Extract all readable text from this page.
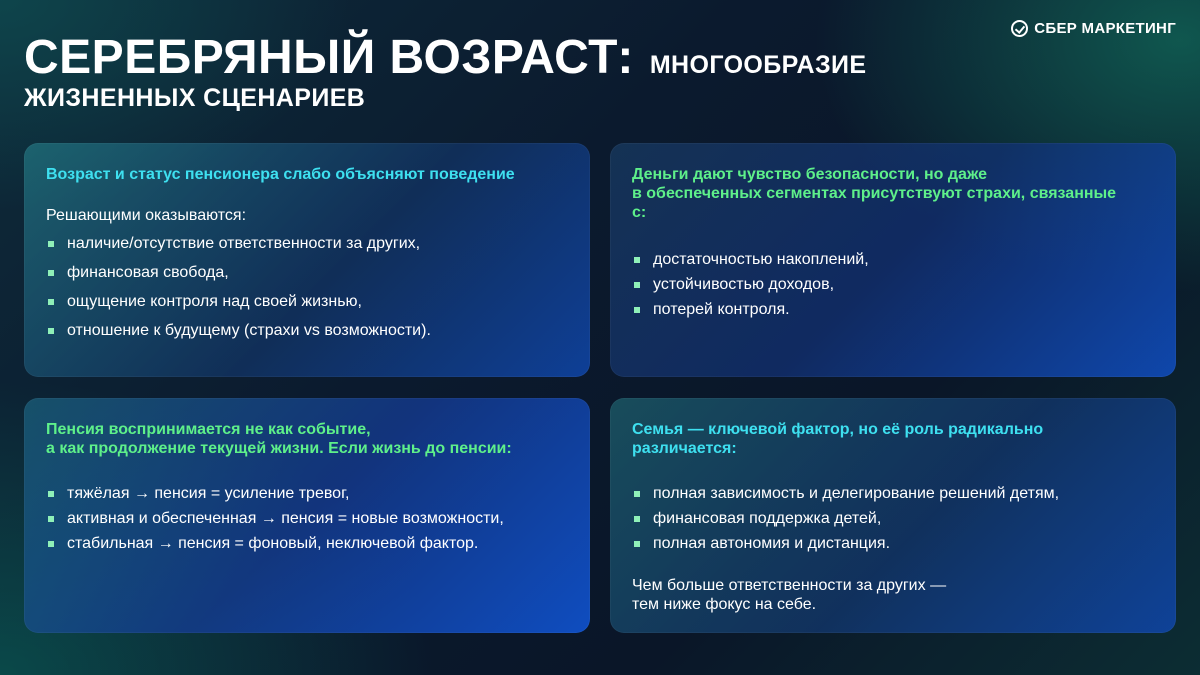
СБЕР МАРКЕТИНГ
СЕРЕБРЯНЫЙ ВОЗРАСТ: МНОГООБРАЗИЕ
ЖИЗНЕННЫХ СЦЕНАРИЕВ
Возраст и статус пенсионера слабо объясняют поведение
Решающими оказываются:
наличие/отсутствие ответственности за других,
финансовая свобода,
ощущение контроля над своей жизнью,
отношение к будущему (страхи vs возможности).
Деньги дают чувство безопасности, но даже
в обеспеченных сегментах присутствуют страхи, связанные
с:
достаточностью накоплений,
устойчивостью доходов,
потерей контроля.
Пенсия воспринимается не как событие,
а как продолжение текущей жизни. Если жизнь до пенсии:
тяжёлая → пенсия = усиление тревог,
активная и обеспеченная → пенсия = новые возможности,
стабильная → пенсия = фоновый, неключевой фактор.
Семья — ключевой фактор, но её роль радикально
различается:
полная зависимость и делегирование решений детям,
финансовая поддержка детей,
полная автономия и дистанция.
Чем больше ответственности за других —
тем ниже фокус на себе.
